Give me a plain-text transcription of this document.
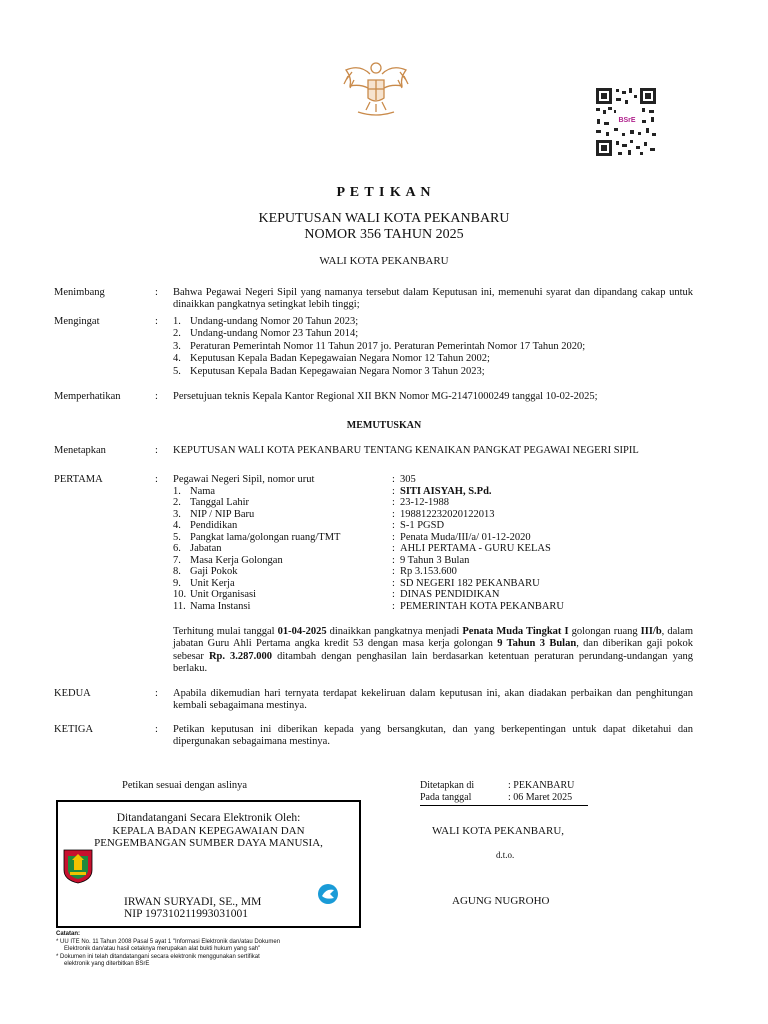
BSrE
P E T I K A N
KEPUTUSAN WALI KOTA PEKANBARU
NOMOR 356 TAHUN 2025
WALI KOTA PEKANBARU
Menimbang	: Bahwa Pegawai Negeri Sipil yang namanya tersebut dalam Keputusan ini, memenuhi syarat dan dipandang cakap untuk dinaikkan pangkatnya setingkat lebih tinggi;
Mengingat	: 1. Undang-undang Nomor 20 Tahun 2023;
2. Undang-undang Nomor 23 Tahun 2014;
3. Peraturan Pemerintah Nomor 11 Tahun 2017 jo. Peraturan Pemerintah Nomor 17 Tahun 2020;
4. Keputusan Kepala Badan Kepegawaian Negara Nomor 12 Tahun 2002;
5. Keputusan Kepala Badan Kepegawaian Negara Nomor 3 Tahun 2023;
Memperhatikan	: Persetujuan teknis Kepala Kantor Regional XII BKN Nomor MG-21471000249 tanggal 10-02-2025;
MEMUTUSKAN
Menetapkan	: KEPUTUSAN WALI KOTA PEKANBARU TENTANG KENAIKAN PANGKAT PEGAWAI NEGERI SIPIL
PERTAMA	: Pegawai Negeri Sipil, nomor urut	: 305
1. Nama	: SITI AISYAH, S.Pd.
2. Tanggal Lahir	: 23-12-1988
3. NIP / NIP Baru	: 198812232020122013
4. Pendidikan	: S-1 PGSD
5. Pangkat lama/golongan ruang/TMT	: Penata Muda/III/a/ 01-12-2020
6. Jabatan	: AHLI PERTAMA - GURU KELAS
7. Masa Kerja Golongan	: 9 Tahun 3 Bulan
8. Gaji Pokok	: Rp 3.153.600
9. Unit Kerja	: SD NEGERI 182 PEKANBARU
10. Unit Organisasi	: DINAS PENDIDIKAN
11. Nama Instansi	: PEMERINTAH KOTA PEKANBARU
Terhitung mulai tanggal 01-04-2025 dinaikkan pangkatnya menjadi Penata Muda Tingkat I golongan ruang III/b, dalam jabatan Guru Ahli Pertama angka kredit 53 dengan masa kerja golongan 9 Tahun 3 Bulan, dan diberikan gaji pokok sebesar Rp. 3.287.000 ditambah dengan penghasilan lain berdasarkan ketentuan peraturan perundang-undangan yang berlaku.
KEDUA	: Apabila dikemudian hari ternyata terdapat kekeliruan dalam keputusan ini, akan diadakan perbaikan dan penghitungan kembali sebagaimana mestinya.
KETIGA	: Petikan keputusan ini diberikan kepada yang bersangkutan, dan yang berkepentingan untuk dapat diketahui dan dipergunakan sebagaimana mestinya.
Petikan sesuai dengan aslinya	Ditetapkan di	: PEKANBARU
Pada tanggal	: 06 Maret 2025
WALI KOTA PEKANBARU,
d.t.o.
AGUNG NUGROHO
Ditandatangani Secara Elektronik Oleh:
KEPALA BADAN KEPEGAWAIAN DAN
PENGEMBANGAN SUMBER DAYA MANUSIA,
IRWAN SURYADI, SE., MM
NIP 197310211993031001
Catatan:
* UU ITE No. 11 Tahun 2008 Pasal 5 ayat 1 "Informasi Elektronik dan/atau Dokumen
Elektronik dan/atau hasil cetaknya merupakan alat bukti hukum yang sah"
* Dokumen ini telah ditandatangani secara elektronik menggunakan sertifikat
elektronik yang diterbitkan BSrE
